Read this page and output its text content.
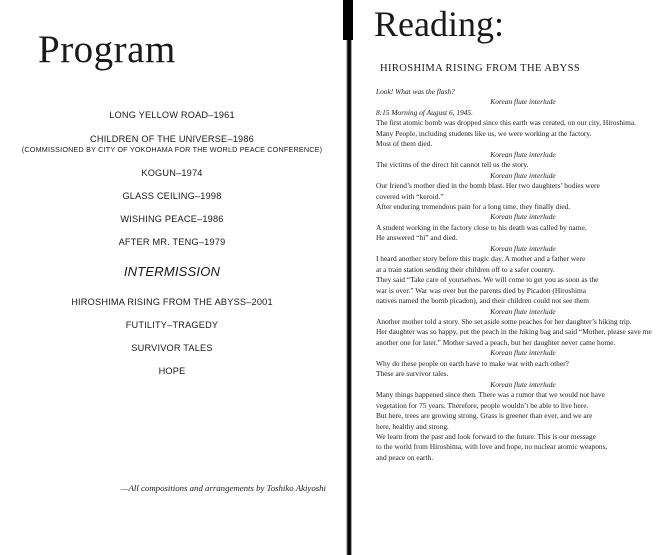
Program

LONG YELLOW ROAD–1961

CHILDREN OF THE UNIVERSE–1986

(COMMISSIONED BY CITY OF YOKOHAMA FOR THE WORLD PEACE CONFERENCE)

KOGUN–1974

GLASS CEILING–1998

WISHING PEACE–1986

AFTER MR. TENG–1979

INTERMISSION

HIROSHIMA RISING FROM THE ABYSS–2001

FUTILITY–TRAGEDY

SURVIVOR TALES

HOPE

—All compositions and arrangements by Toshiko Akiyoshi
Reading:
HIROSHIMA RISING FROM THE ABYSS

Look! What was the flash?

Korean flute interlude

8:15 Morning of August 6, 1945.

The first atomic bomb was dropped since this earth was created, on our city, Hiroshima.

Many People, including students like us, we were working at the factory.

Most of them died.

Korean flute interlude

The victims of the direct hit cannot tell us the story.

Korean flute interlude

Our friend’s mother died in the bomb blast. Her two daughters’ bodies were

covered with “keroid.”

After enduring tremendous pain for a long time, they finally died.

Korean flute interlude

A student working in the factory close to his death was called by name.

He answered “hi” and died.

Korean flute interlude

I heard another story before this tragic day. A mother and a father were

at a train station sending their children off to a safer country.

They said “Take care of yourselves. We will come to get you as soon as the

war is over.” War was over but the parents died by Picadon (Hiroshima

natives named the bomb picadon), and their children could not see them

Korean flute interlude

Another mother told a story. She set aside some peaches for her daughter’s hiking trip.

Her daughter was so happy, put the peach in the hiking bag and said “Mother, please save me

another one for later.” Mother saved a peach, but her daughter never came home.

Korean flute interlude

Why do these people on earth have to make war with each other?

These are survivor tales.

Korean flute interlude

Many things happened since then. There was a rumor that we would not have

vegetation for 75 years. Therefore, people wouldn’t be able to live here.

But here, trees are growing strong. Grass is greener than ever, and we are

here, healthy and strong.

We learn from the past and look forward to the future. This is our message

to the world from Hiroshima, with love and hope, no nuclear atomic weapons,

and peace on earth.
